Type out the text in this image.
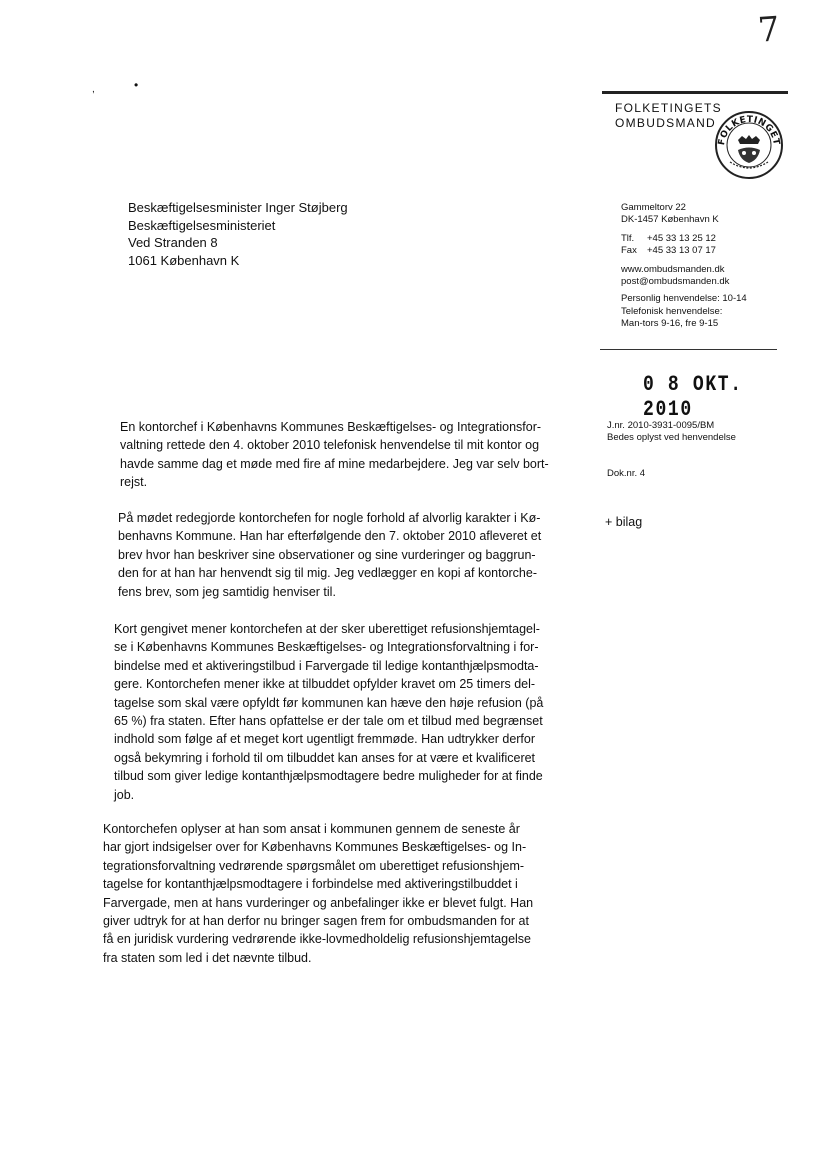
7
,	•
FOLKETINGETS
OMBUDSMAND
FOLKETINGET
Beskæftigelsesminister Inger Støjberg
Beskæftigelsesministeriet
Ved Stranden 8
1061 København K
Gammeltorv 22
DK-1457 København K
Tlf. +45 33 13 25 12
Fax +45 33 13 07 17
www.ombudsmanden.dk
post@ombudsmanden.dk
Personlig henvendelse: 10-14
Telefonisk henvendelse:
Man-tors 9-16, fre 9-15
0 8 OKT. 2010
J.nr. 2010-3931-0095/BM
Bedes oplyst ved henvendelse
Dok.nr. 4
+ bilag
En kontorchef i Københavns Kommunes Beskæftigelses- og Integrationsfor-
valtning rettede den 4. oktober 2010 telefonisk henvendelse til mit kontor og
havde samme dag et møde med fire af mine medarbejdere. Jeg var selv bort-
rejst.
På mødet redegjorde kontorchefen for nogle forhold af alvorlig karakter i Kø-
benhavns Kommune. Han har efterfølgende den 7. oktober 2010 afleveret et
brev hvor han beskriver sine observationer og sine vurderinger og baggrun-
den for at han har henvendt sig til mig. Jeg vedlægger en kopi af kontorche-
fens brev, som jeg samtidig henviser til.
Kort gengivet mener kontorchefen at der sker uberettiget refusionshjemtagel-
se i Københavns Kommunes Beskæftigelses- og Integrationsforvaltning i for-
bindelse med et aktiveringstilbud i Farvergade til ledige kontanthjælpsmodta-
gere. Kontorchefen mener ikke at tilbuddet opfylder kravet om 25 timers del-
tagelse som skal være opfyldt før kommunen kan hæve den høje refusion (på
65 %) fra staten. Efter hans opfattelse er der tale om et tilbud med begrænset
indhold som følge af et meget kort ugentligt fremmøde. Han udtrykker derfor
også bekymring i forhold til om tilbuddet kan anses for at være et kvalificeret
tilbud som giver ledige kontanthjælpsmodtagere bedre muligheder for at finde
job.
Kontorchefen oplyser at han som ansat i kommunen gennem de seneste år
har gjort indsigelser over for Københavns Kommunes Beskæftigelses- og In-
tegrationsforvaltning vedrørende spørgsmålet om uberettiget refusionshjem-
tagelse for kontanthjælpsmodtagere i forbindelse med aktiveringstilbuddet i
Farvergade, men at hans vurderinger og anbefalinger ikke er blevet fulgt. Han
giver udtryk for at han derfor nu bringer sagen frem for ombudsmanden for at
få en juridisk vurdering vedrørende ikke-lovmedholdelig refusionshjemtagelse
fra staten som led i det nævnte tilbud.
